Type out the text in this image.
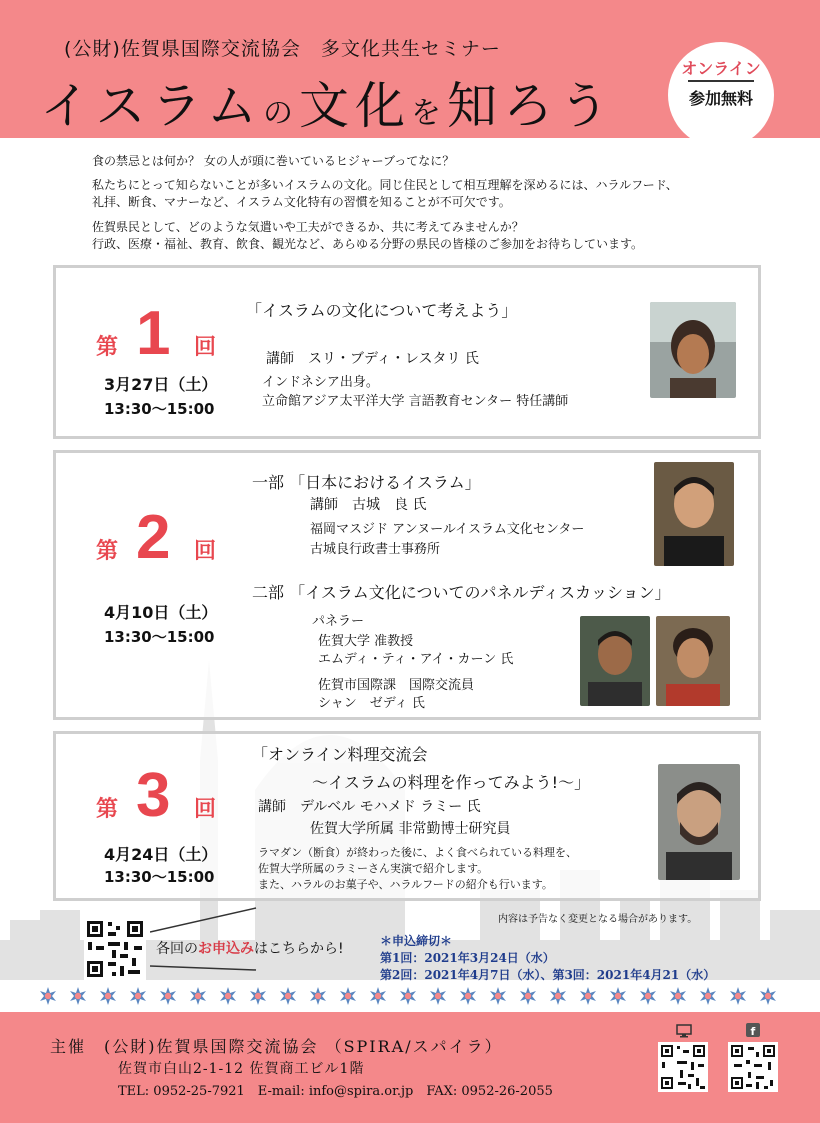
(公財)佐賀県国際交流協会　多文化共生セミナー
イスラムの文化を知ろう
オンライン
参加無料
食の禁忌とは何か？ 女の人が頭に巻いているヒジャーブってなに？
私たちにとって知らないことが多いイスラムの文化。同じ住民として相互理解を深めるには、ハラルフード、
礼拝、断食、マナーなど、イスラム文化特有の習慣を知ることが不可欠です。
佐賀県民として、どのような気遣いや工夫ができるか、共に考えてみませんか？
行政、医療・福祉、教育、飲食、観光など、あらゆる分野の県民の皆様のご参加をお待ちしています。
第 1 回
3月27日（土）
13:30〜15:00
「イスラムの文化について考えよう」
講師　スリ・ブディ・レスタリ 氏
インドネシア出身。
立命館アジア太平洋大学 言語教育センター 特任講師
第 2 回
4月10日（土）
13:30〜15:00
一部 「日本におけるイスラム」
講師　古城　良 氏
福岡マスジド アンヌールイスラム文化センター
古城良行政書士事務所
二部 「イスラム文化についてのパネルディスカッション」
パネラー
佐賀大学 准教授
エムディ・ティ・アイ・カーン 氏
佐賀市国際課　国際交流員
シャン　ゼディ 氏
第 3 回
4月24日（土）
13:30〜15:00
「オンライン料理交流会
〜イスラムの料理を作ってみよう!〜」
講師　デルベル モハメド ラミー 氏
佐賀大学所属 非常勤博士研究員
ラマダン（断食）が終わった後に、よく食べられている料理を、
佐賀大学所属のラミーさん実演で紹介します。
また、ハラルのお菓子や、ハラルフードの紹介も行います。
内容は予告なく変更となる場合があります。
各回のお申込みはこちらから!	＊申込締切＊
第1回：2021年3月24日（水）
第2回：2021年4月7日（水）、第3回：2021年4月21（水）
主催　(公財)佐賀県国際交流協会 （SPIRA/スパイラ）
佐賀市白山2-1-12 佐賀商工ビル1階
TEL: 0952-25-7921　E-mail: info@spira.or.jp　FAX: 0952-26-2055
f
